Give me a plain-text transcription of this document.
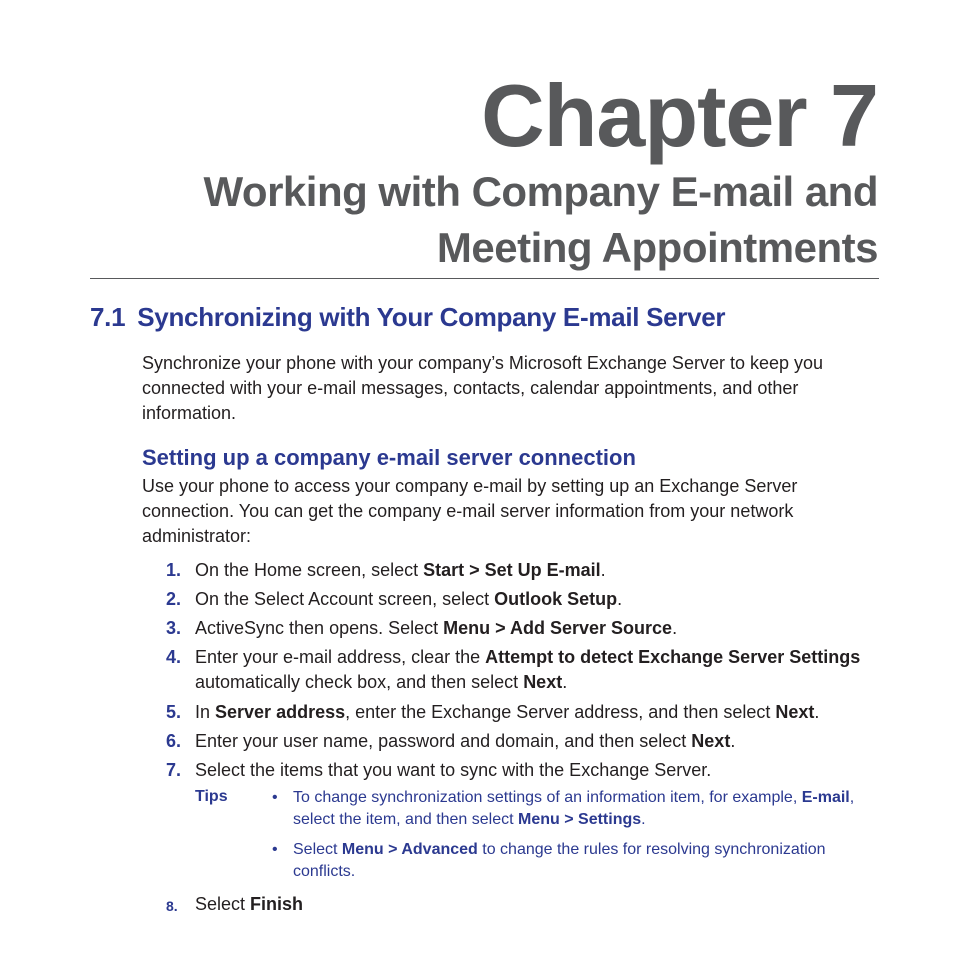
Chapter 7
Working with Company E-mail and
Meeting Appointments
7.1 Synchronizing with Your Company E-mail Server

Synchronize your phone with your company’s Microsoft Exchange Server to keep you connected with your e-mail messages, contacts, calendar appointments, and other information.

Setting up a company e-mail server connection

Use your phone to access your company e-mail by setting up an Exchange Server connection. You can get the company e-mail server information from your network administrator:

1. On the Home screen, select Start > Set Up E-mail.
2. On the Select Account screen, select Outlook Setup.
3. ActiveSync then opens. Select Menu > Add Server Source.
4. Enter your e-mail address, clear the Attempt to detect Exchange Server Settings automatically check box, and then select Next.
5. In Server address, enter the Exchange Server address, and then select Next.
6. Enter your user name, password and domain, and then select Next.
7. Select the items that you want to sync with the Exchange Server.
8. Select Finish
Tips	• To change synchronization settings of an information item, for example, E-mail, select the item, and then select Menu > Settings.
• Select Menu > Advanced to change the rules for resolving synchronization conflicts.
